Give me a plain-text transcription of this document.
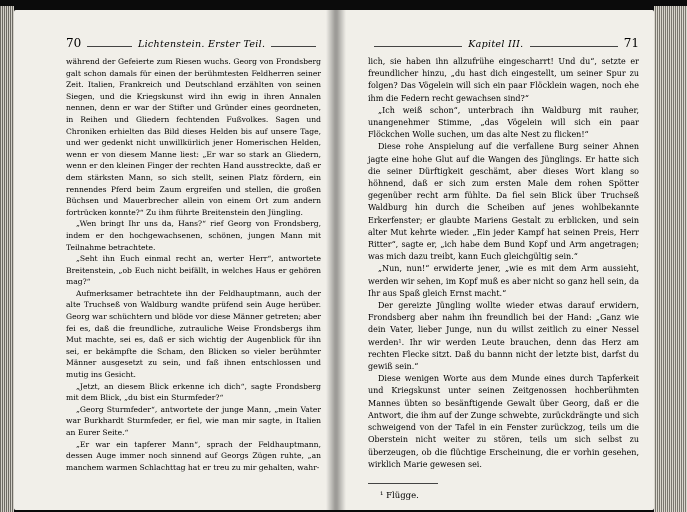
70	Lichtenstein. Erster Teil.	Kapitel III.	71

während der Gefeierte zum Riesen wuchs. Georg von Frondsberg galt schon damals für einen der berühmtesten Feldherren seiner Zeit. Italien, Frankreich und Deutschland erzählten von seinen Siegen, und die Kriegskunst wird ihn ewig in ihren Annalen nennen, denn er war der Stifter und Gründer eines geordneten, in Reihen und Gliedern fechtenden Fußvolkes. Sagen und Chroniken erhielten das Bild dieses Helden bis auf unsere Tage, und wer gedenkt nicht unwillkürlich jener Homerischen Helden, wenn er von diesem Manne liest: „Er war so stark an Gliedern, wenn er den kleinen Finger der rechten Hand ausstreckte, daß er dem stärksten Mann, so sich stellt, seinen Platz fördern, ein rennendes Pferd beim Zaum ergreifen und stellen, die großen Büchsen und Mauerbrecher allein von einem Ort zum andern fortrücken konnte?“ Zu ihm führte Breitenstein den Jüngling.

„Wen bringt Ihr uns da, Hans?“ rief Georg von Frondsberg, indem er den hochgewachsenen, schönen, jungen Mann mit Teilnahme betrachtete.

„Seht ihn Euch einmal recht an, werter Herr“, antwortete Breitenstein, „ob Euch nicht beifällt, in welches Haus er gehören mag?“

Aufmerksamer betrachtete ihn der Feldhauptmann, auch der alte Truchseß von Waldburg wandte prüfend sein Auge herüber. Georg war schüchtern und blöde vor diese Männer getreten; aber fei es, daß die freundliche, zutrauliche Weise Frondsbergs ihm Mut machte, sei es, daß er sich wichtig der Augenblick für ihn sei, er bekämpfte die Scham, den Blicken so vieler berühmter Männer ausgesetzt zu sein, und faß ihnen entschlossen und mutig ins Gesicht.

„Jetzt, an diesem Blick erkenne ich dich“, sagte Frondsberg mit dem Blick, „du bist ein Sturmfeder?“

„Georg Sturmfeder“, antwortete der junge Mann, „mein Vater war Burkhardt Sturmfeder, er fiel, wie man mir sagte, in Italien an Eurer Seite.“

„Er war ein tapferer Mann“, sprach der Feldhauptmann, dessen Auge immer noch sinnend auf Georgs Zügen ruhte, „an manchem warmen Schlachttag hat er treu zu mir gehalten, wahr-

lich, sie haben ihn allzufrühe eingescharrt! Und du“, setzte er freundlicher hinzu, „du hast dich eingestellt, um seiner Spur zu folgen? Das Vögelein will sich ein paar Flöcklein wagen, noch ehe ihm die Federn recht gewachsen sind?“

„Ich weiß schon“, unterbrach ihn Waldburg mit rauher, unangenehmer Stimme, „das Vögelein will sich ein paar Flöckchen Wolle suchen, um das alte Nest zu flicken!“

Diese rohe Anspielung auf die verfallene Burg seiner Ahnen jagte eine hohe Glut auf die Wangen des Jünglings. Er hatte sich die seiner Dürftigkeit geschämt, aber dieses Wort klang so höhnend, daß er sich zum ersten Male dem rohen Spötter gegenüber recht arm fühlte. Da fiel sein Blick über Truchseß Waldburg hin durch die Scheiben auf jenes wohlbekannte Erkerfenster; er glaubte Mariens Gestalt zu erblicken, und sein alter Mut kehrte wieder. „Ein jeder Kampf hat seinen Preis, Herr Ritter“, sagte er, „ich habe dem Bund Kopf und Arm angetragen; was mich dazu treibt, kann Euch gleichgültig sein.“

„Nun, nun!“ erwiderte jener, „wie es mit dem Arm aussieht, werden wir sehen, im Kopf muß es aber nicht so ganz hell sein, da Ihr aus Spaß gleich Ernst macht.“

Der gereizte Jüngling wollte wieder etwas darauf erwidern, Frondsberg aber nahm ihn freundlich bei der Hand: „Ganz wie dein Vater, lieber Junge, nun du willst zeitlich zu einer Nessel werden¹. Ihr wir werden Leute brauchen, denn das Herz am rechten Flecke sitzt. Daß du bannn nicht der letzte bist, darfst du gewiß sein.“

Diese wenigen Worte aus dem Munde eines durch Tapferkeit und Kriegskunst unter seinen Zeitgenossen hochberühmten Mannes übten so besänftigende Gewalt über Georg, daß er die Antwort, die ihm auf der Zunge schwebte, zurückdrängte und sich schweigend von der Tafel in ein Fenster zurückzog, teils um die Oberstein nicht weiter zu stören, teils um sich selbst zu überzeugen, ob die flüchtige Erscheinung, die er vorhin gesehen, wirklich Marie gewesen sei.

¹ Flügge.
